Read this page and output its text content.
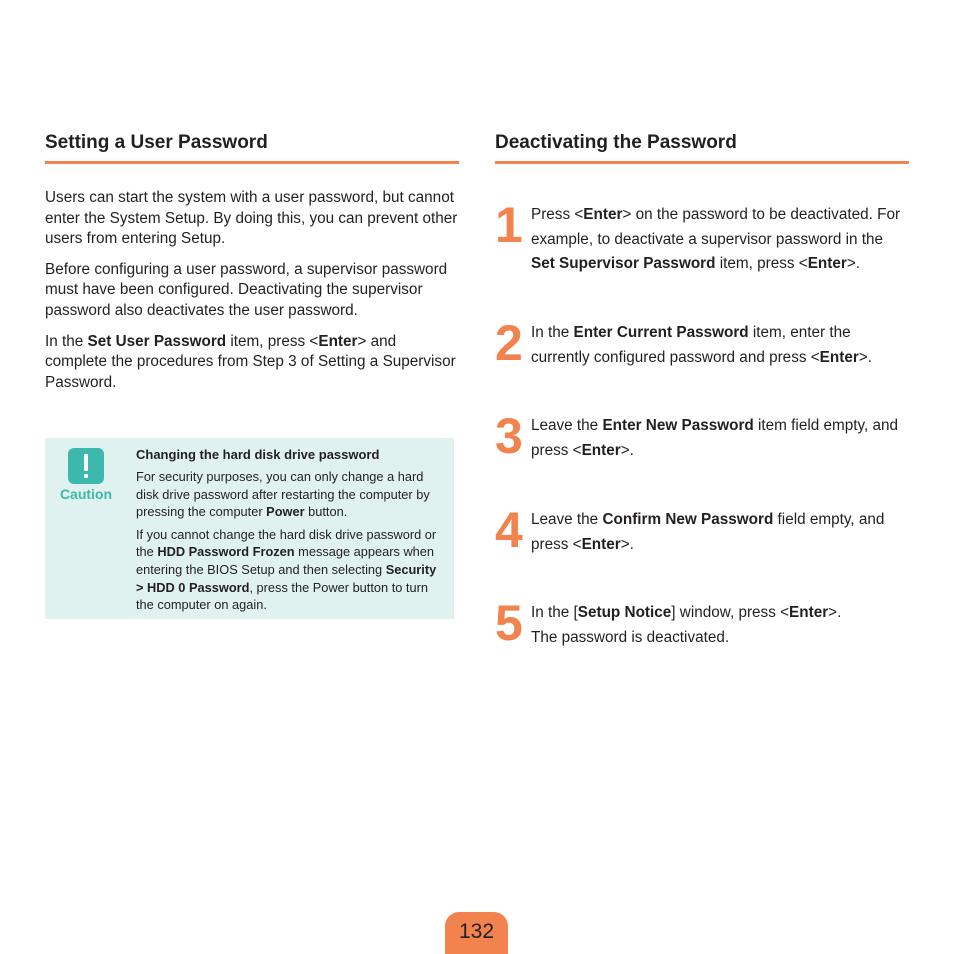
Setting a User Password

Users can start the system with a user password, but cannot enter the System Setup. By doing this, you can prevent other users from entering Setup.

Before configuring a user password, a supervisor password must have been configured. Deactivating the supervisor password also deactivates the user password.

In the Set User Password item, press <Enter> and complete the procedures from Step 3 of Setting a Supervisor Password.

Caution

Changing the hard disk drive password

For security purposes, you can only change a hard disk drive password after restarting the computer by pressing the computer Power button.

If you cannot change the hard disk drive password or the HDD Password Frozen message appears when entering the BIOS Setup and then selecting Security > HDD 0 Password, press the Power button to turn the computer on again.

Deactivating the Password
1 Press <Enter> on the password to be deactivated. For example, to deactivate a supervisor password in the Set Supervisor Password item, press <Enter>.
2 In the Enter Current Password item, enter the currently configured password and press <Enter>.
3 Leave the Enter New Password item field empty, and press <Enter>.
4 Leave the Confirm New Password field empty, and press <Enter>.
5 In the [Setup Notice] window, press <Enter>.
The password is deactivated.
132
